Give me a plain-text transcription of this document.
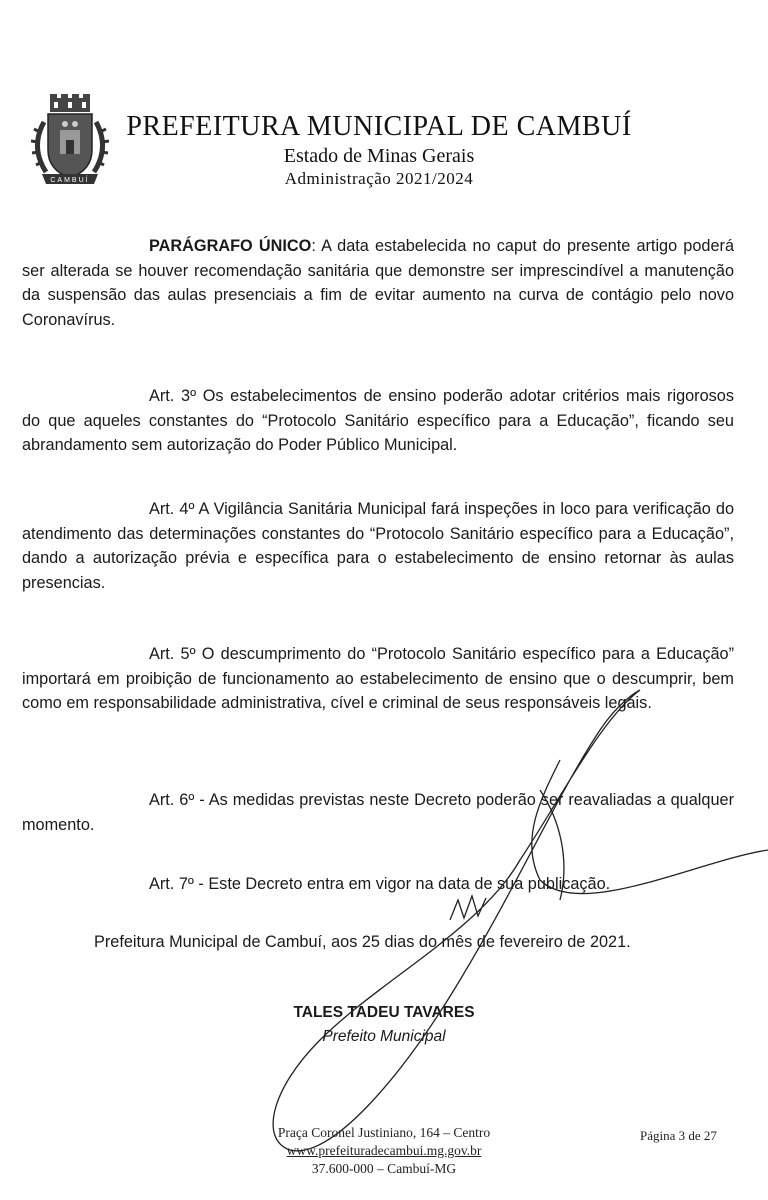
CAMBUÍ
PREFEITURA MUNICIPAL DE CAMBUÍ
Estado de Minas Gerais
Administração 2021/2024

PARÁGRAFO ÚNICO: A data estabelecida no caput do presente artigo poderá ser alterada se houver recomendação sanitária que demonstre ser imprescindível a manutenção da suspensão das aulas presenciais a fim de evitar aumento na curva de contágio pelo novo Coronavírus.

Art. 3º Os estabelecimentos de ensino poderão adotar critérios mais rigorosos do que aqueles constantes do “Protocolo Sanitário específico para a Educação”, ficando seu abrandamento sem autorização do Poder Público Municipal.

Art. 4º A Vigilância Sanitária Municipal fará inspeções in loco para verificação do atendimento das determinações constantes do “Protocolo Sanitário específico para a Educação”, dando a autorização prévia e específica para o estabelecimento de ensino retornar às aulas presencias.

Art. 5º O descumprimento do “Protocolo Sanitário específico para a Educação” importará em proibição de funcionamento ao estabelecimento de ensino que o descumprir, bem como em responsabilidade administrativa, cível e criminal de seus responsáveis legais.

Art. 6º - As medidas previstas neste Decreto poderão ser reavaliadas a qualquer momento.

Art. 7º - Este Decreto entra em vigor na data de sua publicação.

Prefeitura Municipal de Cambuí, aos 25 dias do mês de fevereiro de 2021.

TALES TADEU TAVARES
Prefeito Municipal
Praça Coronel Justiniano, 164 – Centro
www.prefeituradecambui.mg.gov.br
37.600-000 – Cambuí-MG
Página 3 de 27
